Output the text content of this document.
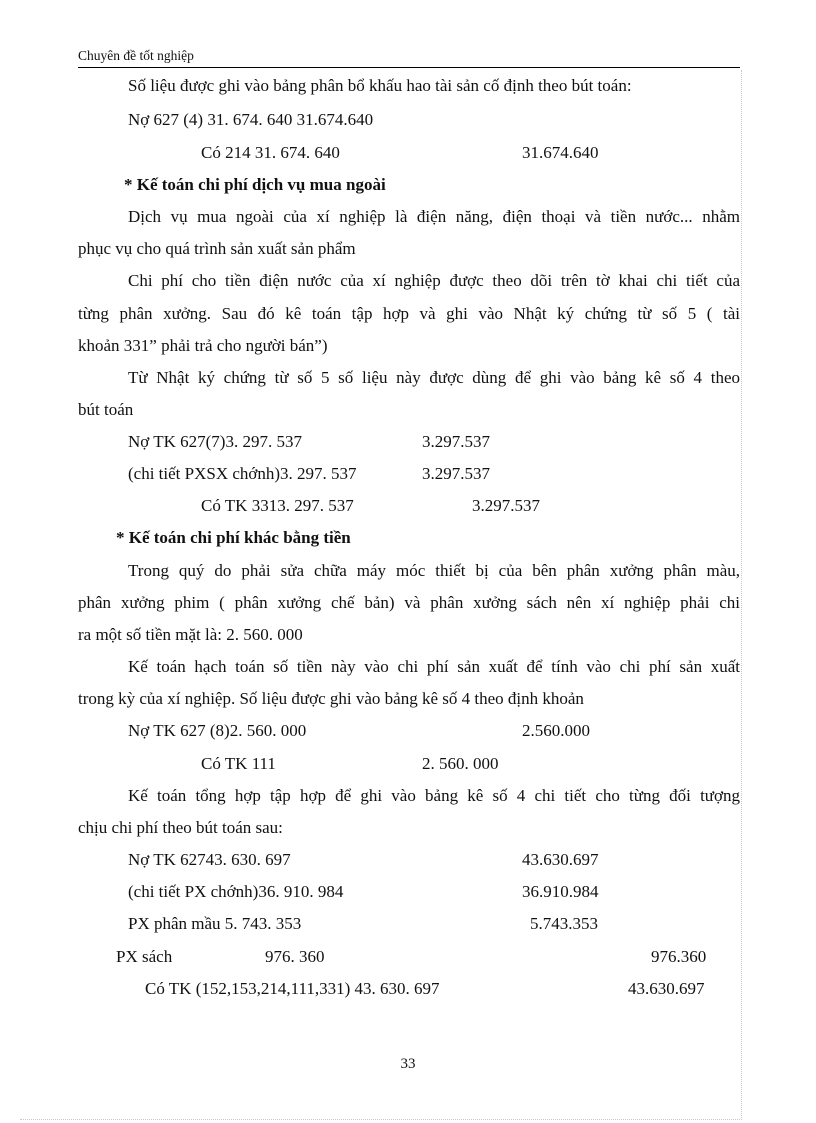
Chuyên đề tốt nghiệp
Số liệu được ghi vào bảng phân bổ khấu hao tài sản cố định theo bút toán:
Nợ 627 (4) 31. 674. 640 31.674.640
Có 214 31. 674. 640	31.674.640
* Kế toán chi phí dịch vụ mua ngoài
Dịch vụ mua ngoài của xí nghiệp là điện năng, điện thoại và tiền nước... nhằm
phục vụ cho quá trình sản xuất sản phẩm
Chi phí cho tiền điện nước của xí nghiệp được theo dõi trên tờ khai chi tiết của
từng phân xưởng. Sau đó kê toán tập hợp và ghi vào Nhật ký chứng từ số 5 ( tài
khoản 331” phải trả cho người bán”)
Từ Nhật ký chứng từ số 5 số liệu này được dùng để ghi vào bảng kê số 4 theo
bút toán
Nợ TK 627(7)3. 297. 537	3.297.537
(chi tiết PXSX chớnh)3. 297. 537	3.297.537
Có TK 3313. 297. 537	3.297.537
* Kế toán chi phí khác bằng tiền
Trong quý do phải sửa chữa máy móc thiết bị của bên phân xưởng phân màu,
phân xưởng phim ( phân xưởng chế bản) và phân xưởng sách nên xí nghiệp phải chi
ra một số tiền mặt là: 2. 560. 000
Kế toán hạch toán số tiền này vào chi phí sản xuất để tính vào chi phí sản xuất
trong kỳ của xí nghiệp. Số liệu được ghi vào bảng kê số 4 theo định khoản
Nợ TK 627 (8)2. 560. 000	2.560.000
Có TK 111	2. 560. 000
Kế toán tổng hợp tập hợp để ghi vào bảng kê số 4 chi tiết cho từng đối tượng
chịu chi phí theo bút toán sau:
Nợ TK 62743. 630. 697	43.630.697
(chi tiết PX chớnh)36. 910. 984	36.910.984
PX phân mầu 5. 743. 353	5.743.353
PX sách	976. 360	976.360
Có TK (152,153,214,111,331) 43. 630. 697	43.630.697
33
